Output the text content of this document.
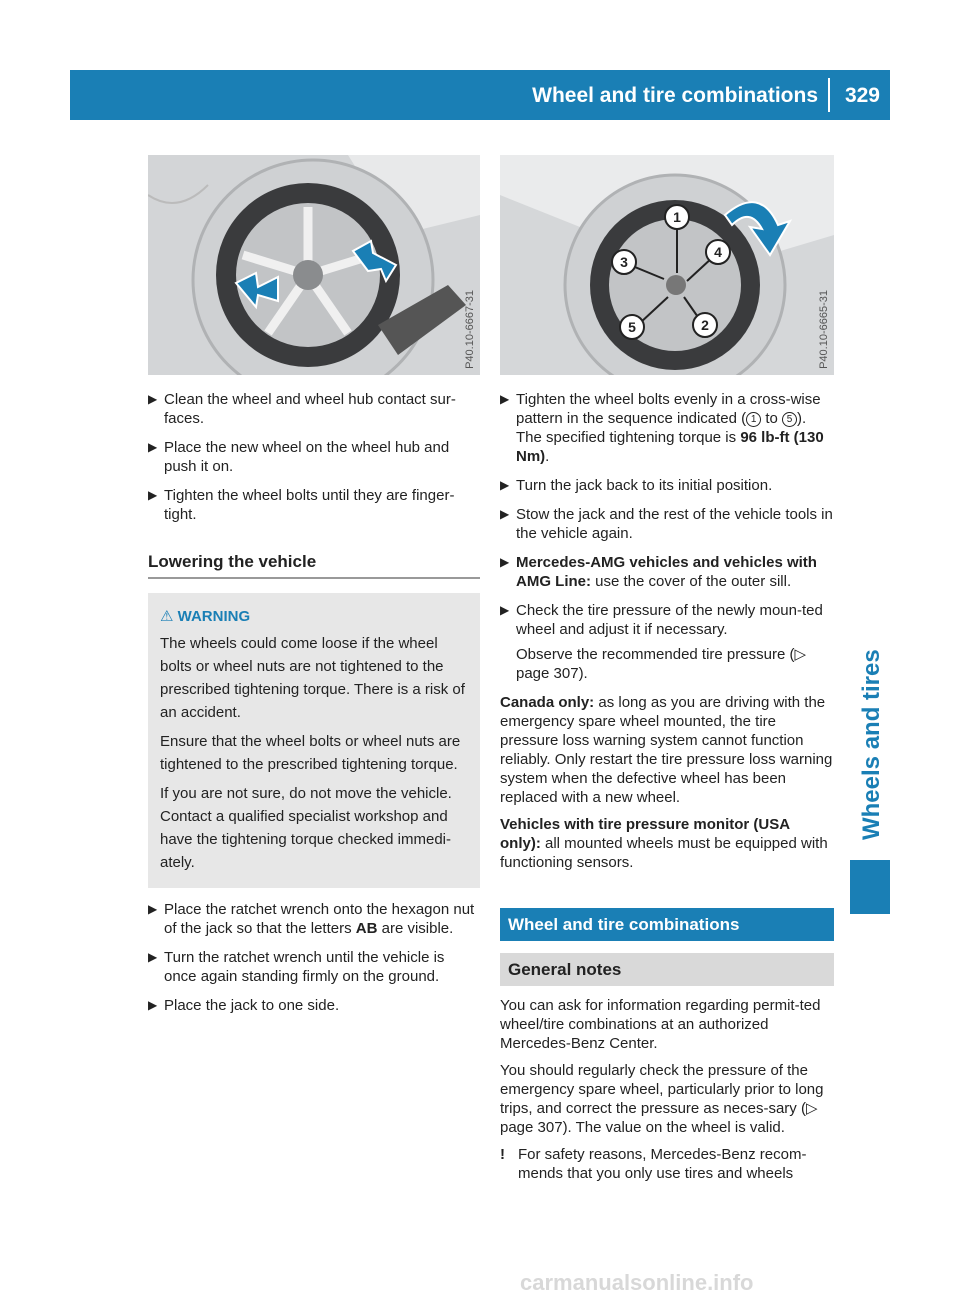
Wheel and tire combinations 329
Wheels and tires
P40.10-6667-31
1
2
3
4
5	P40.10-6665-31
▶ Clean the wheel and wheel hub contact sur-faces.
▶ Place the new wheel on the wheel hub and push it on.
▶ Tighten the wheel bolts until they are finger-tight.
Lowering the vehicle
⚠ WARNING

The wheels could come loose if the wheel bolts or wheel nuts are not tightened to the prescribed tightening torque. There is a risk of an accident.

Ensure that the wheel bolts or wheel nuts are tightened to the prescribed tightening torque.

If you are not sure, do not move the vehicle. Contact a qualified specialist workshop and have the tightening torque checked immedi-ately.

▶ Place the ratchet wrench onto the hexagon nut of the jack so that the letters AB are visible.
▶ Turn the ratchet wrench until the vehicle is once again standing firmly on the ground.
▶ Place the jack to one side.
▶ Tighten the wheel bolts evenly in a cross-wise pattern in the sequence indicated ( 1 to 5 ). The specified tightening torque is 96 lb-ft (130 Nm).
▶ Turn the jack back to its initial position.
▶ Stow the jack and the rest of the vehicle tools in the vehicle again.
▶ Mercedes-AMG vehicles and vehicles with AMG Line: use the cover of the outer sill.
▶ Check the tire pressure of the newly moun-ted wheel and adjust it if necessary.
Observe the recommended tire pressure (▷ page 307).
Canada only: as long as you are driving with the emergency spare wheel mounted, the tire pressure loss warning system cannot function reliably. Only restart the tire pressure loss warning system when the defective wheel has been replaced with a new wheel.
Vehicles with tire pressure monitor (USA only): all mounted wheels must be equipped with functioning sensors.
Wheel and tire combinations
General notes
You can ask for information regarding permit-ted wheel/tire combinations at an authorized Mercedes-Benz Center.
You should regularly check the pressure of the emergency spare wheel, particularly prior to long trips, and correct the pressure as neces-sary (▷ page 307). The value on the wheel is valid.
! For safety reasons, Mercedes-Benz recom-mends that you only use tires and wheels
carmanualsonline.info
